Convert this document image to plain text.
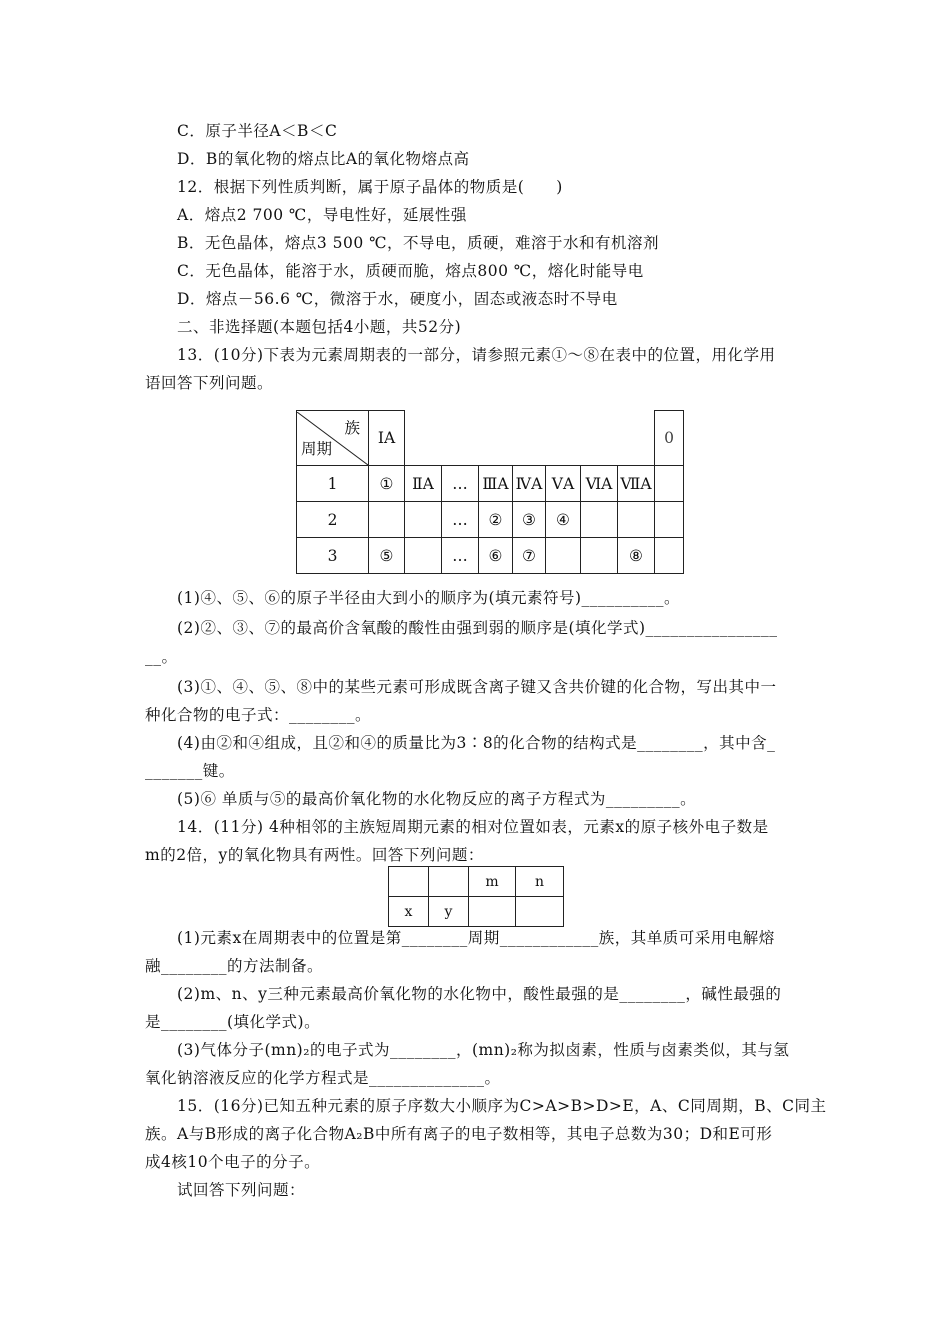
C．原子半径A＜B＜C
D．B的氧化物的熔点比A的氧化物熔点高
12．根据下列性质判断，属于原子晶体的物质是(　　)
A．熔点2 700 ℃，导电性好，延展性强
B．无色晶体，熔点3 500 ℃，不导电，质硬，难溶于水和有机溶剂
C．无色晶体，能溶于水，质硬而脆，熔点800 ℃，熔化时能导电
D．熔点－56.6 ℃，微溶于水，硬度小，固态或液态时不导电
二、非选择题(本题包括4小题，共52分)
13．(10分)下表为元素周期表的一部分，请参照元素①～⑧在表中的位置，用化学用
语回答下列问题。
族
周期	ⅠA								0
1	①	ⅡA	…	ⅢA	ⅣA	ⅤA	ⅥA	ⅦA	
2			…	②	③	④			
3	⑤		…	⑥	⑦			⑧	
(1)④、⑤、⑥的原子半径由大到小的顺序为(填元素符号)__________。
(2)②、③、⑦的最高价含氧酸的酸性由强到弱的顺序是(填化学式)________________
__。
(3)①、④、⑤、⑧中的某些元素可形成既含离子键又含共价键的化合物，写出其中一
种化合物的电子式：________。
(4)由②和④组成，且②和④的质量比为3∶8的化合物的结构式是________，其中含_
_______键。
(5)⑥ 单质与⑤的最高价氧化物的水化物反应的离子方程式为_________。
14．(11分) 4种相邻的主族短周期元素的相对位置如表，元素x的原子核外电子数是
m的2倍，y的氧化物具有两性。回答下列问题：
		m	n
x	y		
(1)元素x在周期表中的位置是第________周期____________族，其单质可采用电解熔
融________的方法制备。
(2)m、n、y三种元素最高价氧化物的水化物中，酸性最强的是________，碱性最强的
是________(填化学式)。
(3)气体分子(mn)₂的电子式为________，(mn)₂称为拟卤素，性质与卤素类似，其与氢
氧化钠溶液反应的化学方程式是______________。
15．(16分)已知五种元素的原子序数大小顺序为C>A>B>D>E，A、C同周期，B、C同主
族。A与B形成的离子化合物A₂B中所有离子的电子数相等，其电子总数为30；D和E可形
成4核10个电子的分子。
试回答下列问题：
